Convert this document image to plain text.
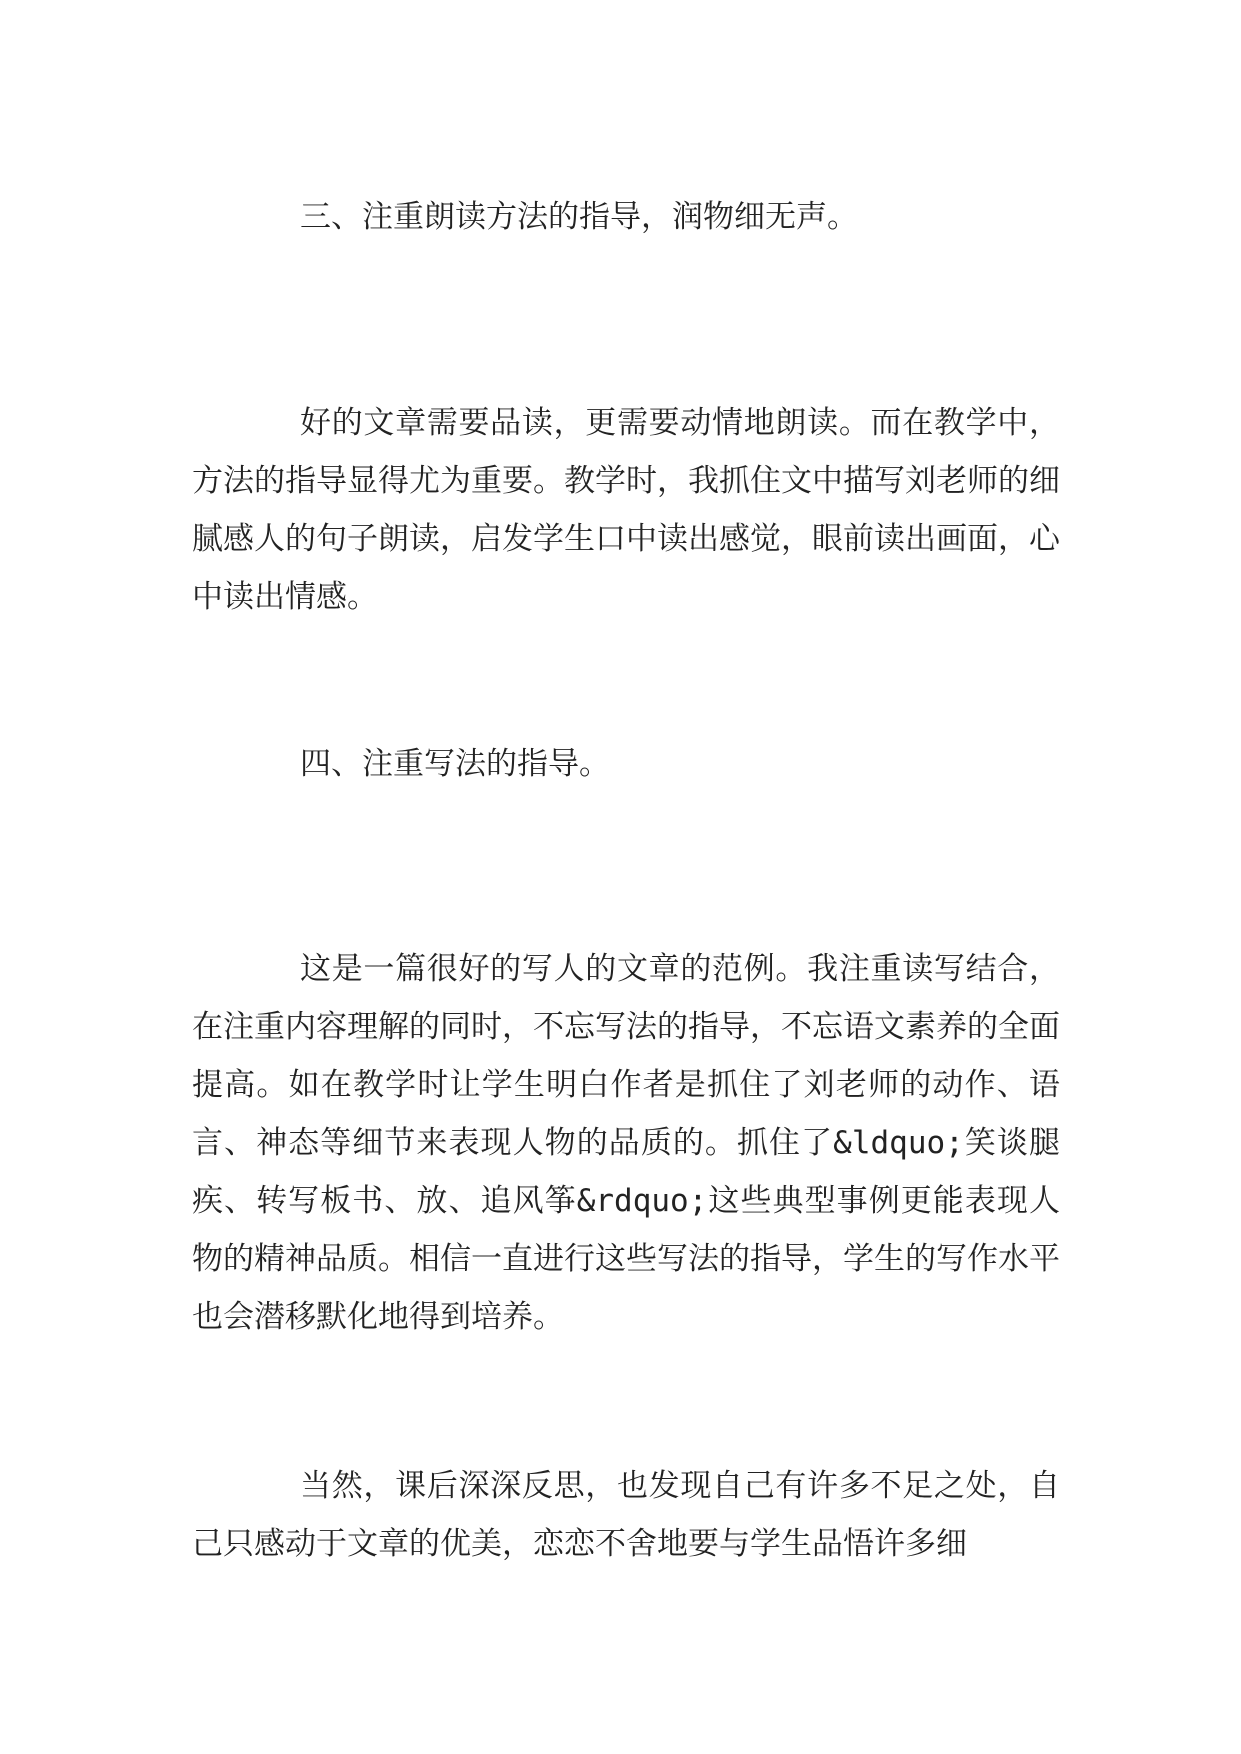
三、注重朗读方法的指导，润物细无声。

好的文章需要品读，更需要动情地朗读。而在教学中，方法的指导显得尤为重要。教学时，我抓住文中描写刘老师的细腻感人的句子朗读，启发学生口中读出感觉，眼前读出画面，心中读出情感。

四、注重写法的指导。

这是一篇很好的写人的文章的范例。我注重读写结合，在注重内容理解的同时，不忘写法的指导，不忘语文素养的全面提高。如在教学时让学生明白作者是抓住了刘老师的动作、语言、神态等细节来表现人物的品质的。抓住了&ldquo;笑谈腿疾、转写板书、放、追风筝&rdquo;这些典型事例更能表现人物的精神品质。相信一直进行这些写法的指导，学生的写作水平也会潜移默化地得到培养。

当然，课后深深反思，也发现自己有许多不足之处，自己只感动于文章的优美，恋恋不舍地要与学生品悟许多细
